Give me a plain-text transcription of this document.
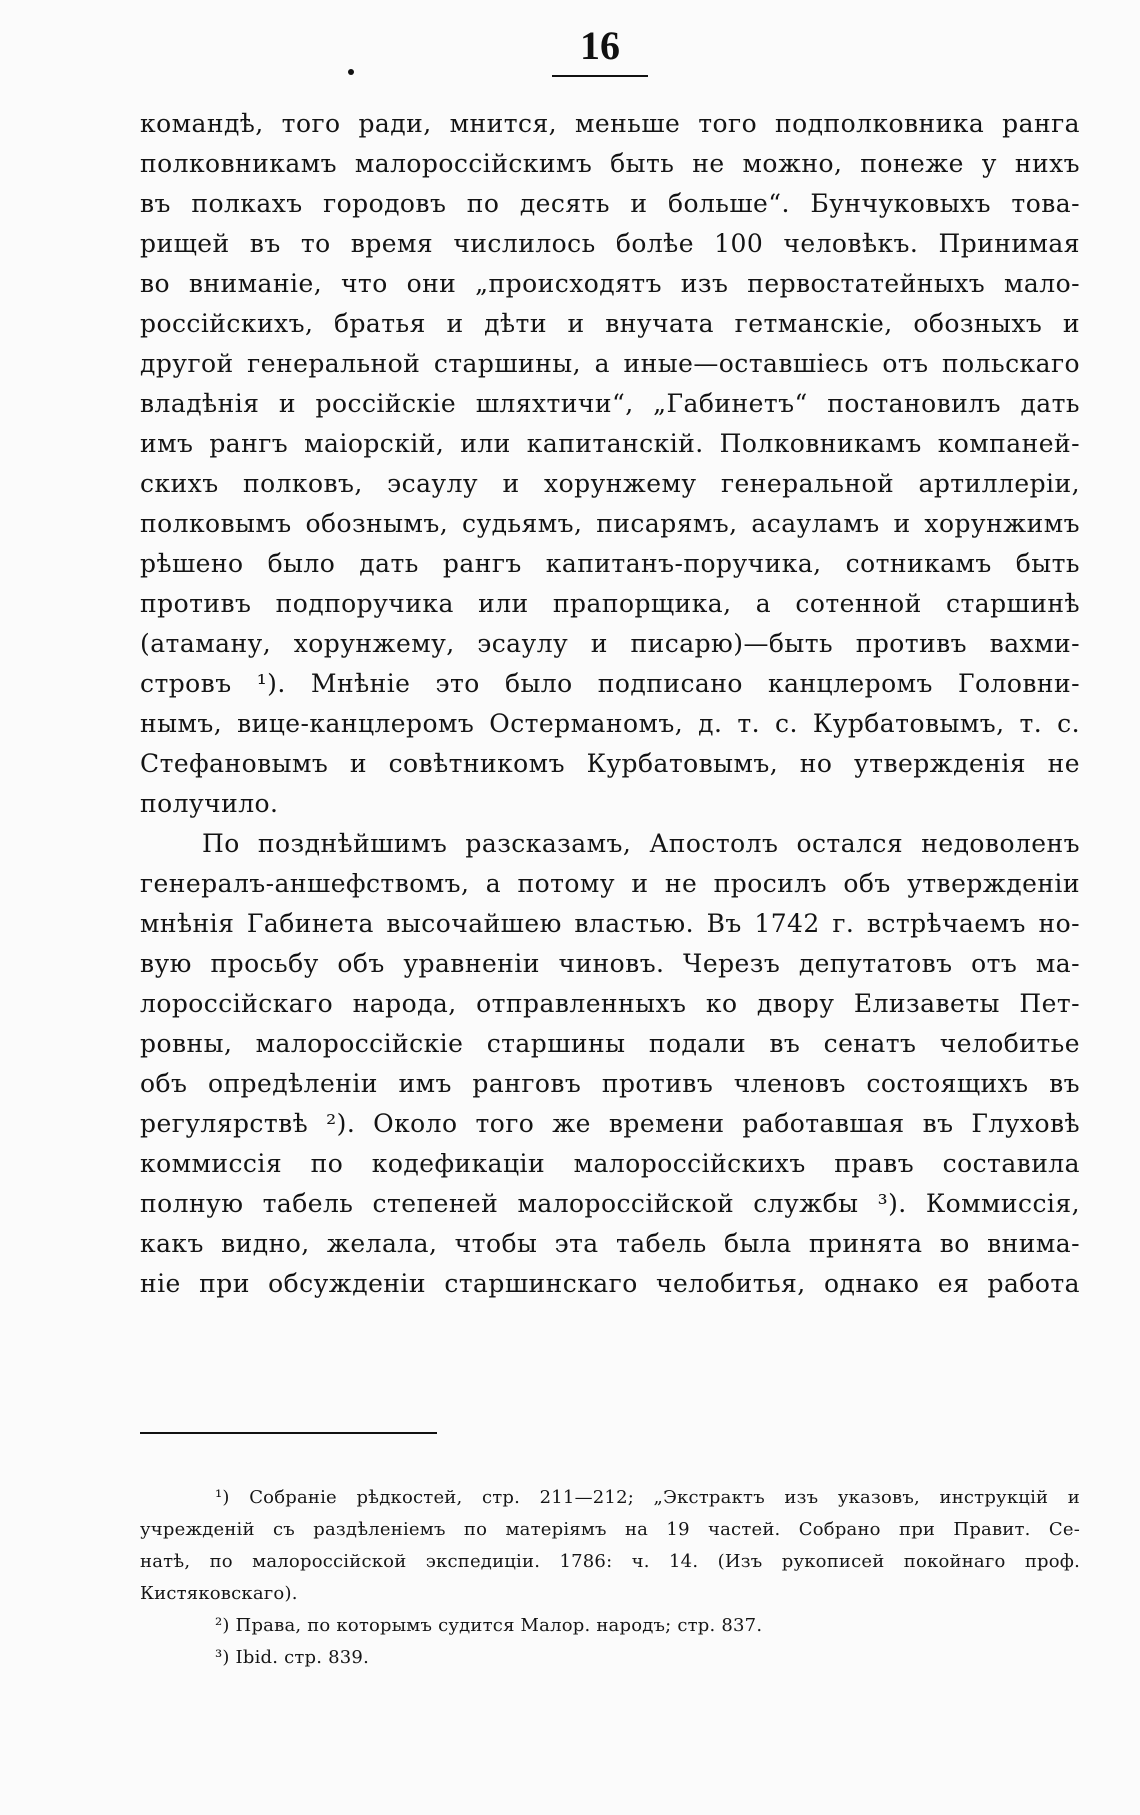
16
командѣ, того ради, мнится, меньше того подполковника ранга
полковникамъ малороссійскимъ быть не можно, понеже у нихъ
въ полкахъ городовъ по десять и больше“. Бунчуковыхъ това-
рищей въ то время числилось болѣе 100 человѣкъ. Принимая
во вниманіе, что они „происходятъ изъ первостатейныхъ мало-
россійскихъ, братья и дѣти и внучата гетманскіе, обозныхъ и
другой генеральной старшины, а иные—оставшіесь отъ польскаго
владѣнія и россійскіе шляхтичи“, „Габинетъ“ постановилъ дать
имъ рангъ маіорскій, или капитанскій. Полковникамъ компаней-
скихъ полковъ, эсаулу и хорунжему генеральной артиллеріи,
полковымъ обознымъ, судьямъ, писарямъ, асауламъ и хорунжимъ
рѣшено было дать рангъ капитанъ-поручика, сотникамъ быть
противъ подпоручика или прапорщика, а сотенной старшинѣ
(атаману, хорунжему, эсаулу и писарю)—быть противъ вахми-
стровъ ¹). Мнѣніе это было подписано канцлеромъ Головни-
нымъ, вице-канцлеромъ Остерманомъ, д. т. с. Курбатовымъ, т. с.
Стефановымъ и совѣтникомъ Курбатовымъ, но утвержденія не
получило.
По позднѣйшимъ разсказамъ, Апостолъ остался недоволенъ
генералъ-аншефствомъ, а потому и не просилъ объ утвержденіи
мнѣнія Габинета высочайшею властью. Въ 1742 г. встрѣчаемъ но-
вую просьбу объ уравненіи чиновъ. Черезъ депутатовъ отъ ма-
лороссійскаго народа, отправленныхъ ко двору Елизаветы Пет-
ровны, малороссійскіе старшины подали въ сенатъ челобитье
объ опредѣленіи имъ ранговъ противъ членовъ состоящихъ въ
регулярствѣ ²). Около того же времени работавшая въ Глуховѣ
коммиссія по кодефикаціи малороссійскихъ правъ составила
полную табель степеней малороссійской службы ³). Коммиссія,
какъ видно, желала, чтобы эта табель была принята во внима-
ніе при обсужденіи старшинскаго челобитья, однако ея работа
¹) Собраніе рѣдкостей, стр. 211—212; „Экстрактъ изъ указовъ, инструкцій и
учрежденій съ раздѣленіемъ по матеріямъ на 19 частей. Собрано при Правит. Се-
натѣ, по малороссійской экспедиціи. 1786: ч. 14. (Изъ рукописей покойнаго проф.
Кистяковскаго).
²) Права, по которымъ судится Малор. народъ; стр. 837.
³) Ibid. стр. 839.
